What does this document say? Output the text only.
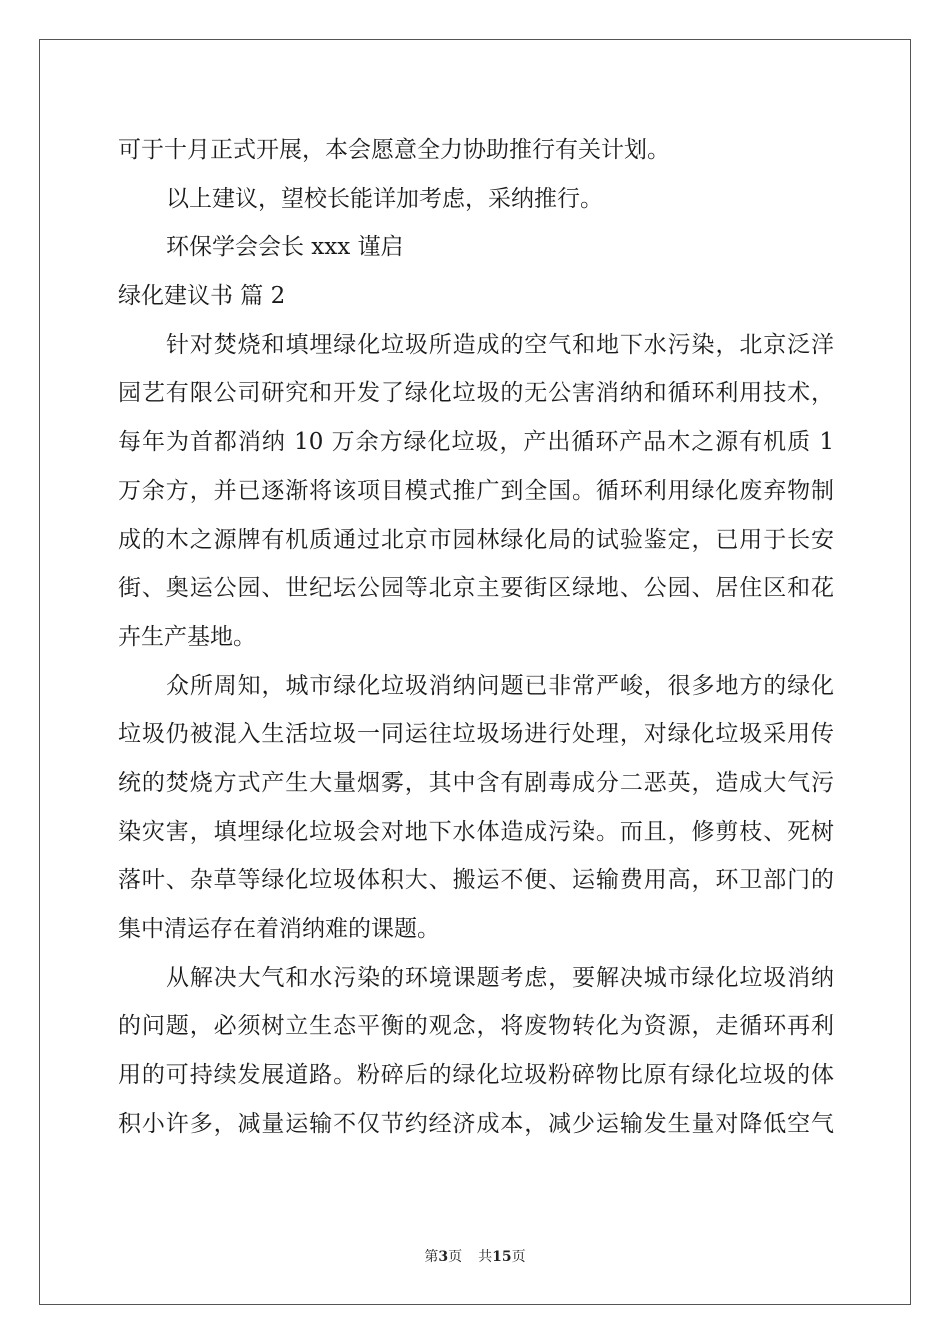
可于十月正式开展，本会愿意全力协助推行有关计划。
以上建议，望校长能详加考虑，采纳推行。
环保学会会长 xxx 谨启
绿化建议书 篇 2
针对焚烧和填埋绿化垃圾所造成的空气和地下水污染，北京泛洋
园艺有限公司研究和开发了绿化垃圾的无公害消纳和循环利用技术，
每年为首都消纳 10 万余方绿化垃圾，产出循环产品木之源有机质 1
万余方，并已逐渐将该项目模式推广到全国。循环利用绿化废弃物制
成的木之源牌有机质通过北京市园林绿化局的试验鉴定，已用于长安
街、奥运公园、世纪坛公园等北京主要街区绿地、公园、居住区和花
卉生产基地。
众所周知，城市绿化垃圾消纳问题已非常严峻，很多地方的绿化
垃圾仍被混入生活垃圾一同运往垃圾场进行处理，对绿化垃圾采用传
统的焚烧方式产生大量烟雾，其中含有剧毒成分二恶英，造成大气污
染灾害，填埋绿化垃圾会对地下水体造成污染。而且，修剪枝、死树
落叶、杂草等绿化垃圾体积大、搬运不便、运输费用高，环卫部门的
集中清运存在着消纳难的课题。
从解决大气和水污染的环境课题考虑，要解决城市绿化垃圾消纳
的问题，必须树立生态平衡的观念，将废物转化为资源，走循环再利
用的可持续发展道路。粉碎后的绿化垃圾粉碎物比原有绿化垃圾的体
积小许多，减量运输不仅节约经济成本，减少运输发生量对降低空气
第3页 共15页
